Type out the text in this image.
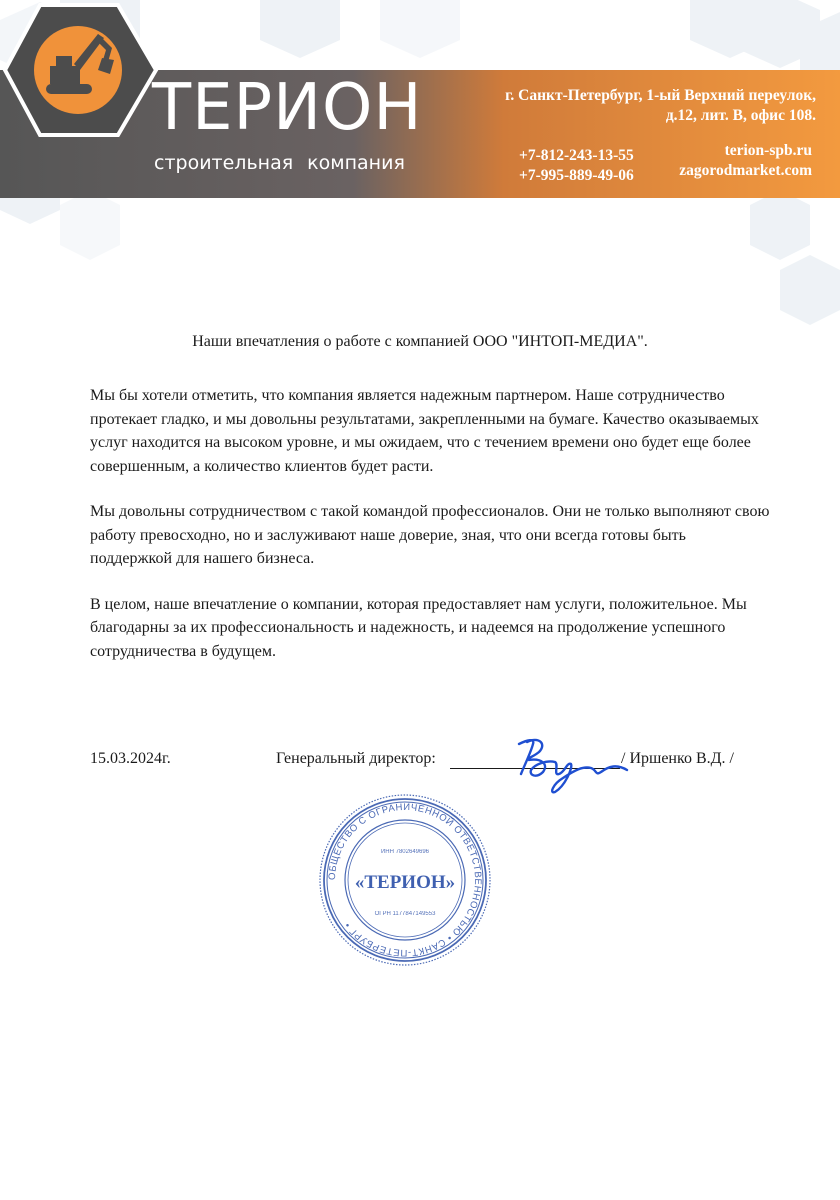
ТЕРИОН
строительная компания
г. Санкт-Петербург, 1-ый Верхний переулок,
д.12, лит. В, офис 108.
+7-812-243-13-55
+7-995-889-49-06
terion-spb.ru
zagorodmarket.com
Наши впечатления о работе с компанией ООО "ИНТОП-МЕДИА".

Мы бы хотели отметить, что компания является надежным партнером. Наше сотрудничество протекает гладко, и мы довольны результатами, закрепленными на бумаге. Качество оказываемых услуг находится на высоком уровне, и мы ожидаем, что с течением времени оно будет еще более совершенным, а количество клиентов будет расти.

Мы довольны сотрудничеством с такой командой профессионалов. Они не только выполняют свою работу превосходно, но и заслуживают наше доверие, зная, что они всегда готовы быть поддержкой для нашего бизнеса.

В целом, наше впечатление о компании, которая предоставляет нам услуги, положительное. Мы благодарны за их профессиональность и надежность, и надеемся на продолжение успешного сотрудничества в будущем.

15.03.2024г.	Генеральный директор:	/ Иршенко В.Д. /
ОБЩЕСТВО С ОГРАНИЧЕННОЙ ОТВЕТСТВЕННОСТЬЮ • САНКТ-ПЕТЕРБУРГ •
ИНН 7802649696
ОГРН 1177847149553
«ТЕРИОН»
